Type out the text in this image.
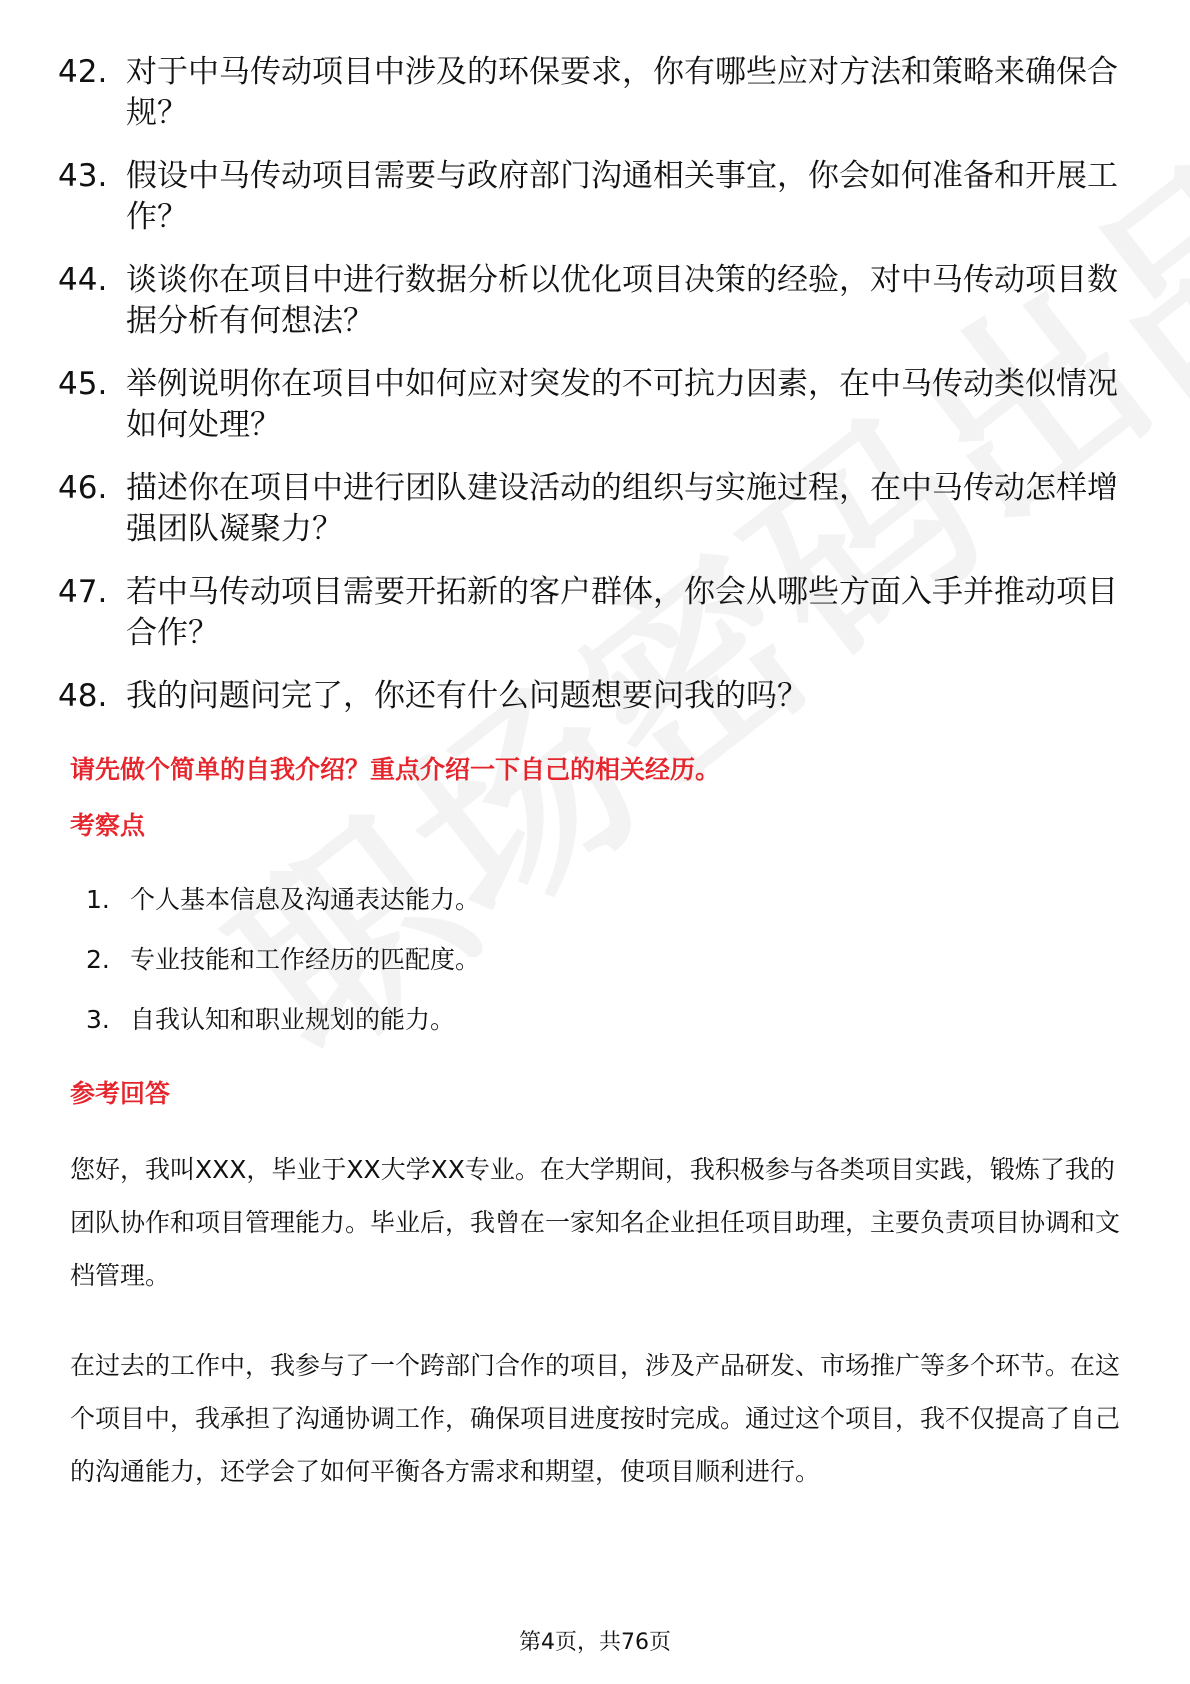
42. 对于中马传动项目中涉及的环保要求，你有哪些应对方法和策略来确保合规？
43. 假设中马传动项目需要与政府部门沟通相关事宜，你会如何准备和开展工作？
44. 谈谈你在项目中进行数据分析以优化项目决策的经验，对中马传动项目数据分析有何想法？
45. 举例说明你在项目中如何应对突发的不可抗力因素，在中马传动类似情况如何处理？
46. 描述你在项目中进行团队建设活动的组织与实施过程，在中马传动怎样增强团队凝聚力？
47. 若中马传动项目需要开拓新的客户群体，你会从哪些方面入手并推动项目合作？
48. 我的问题问完了，你还有什么问题想要问我的吗？
请先做个简单的自我介绍？重点介绍一下自己的相关经历。
考察点
1. 个人基本信息及沟通表达能力。
2. 专业技能和工作经历的匹配度。
3. 自我认知和职业规划的能力。
参考回答

您好，我叫XXX，毕业于XX大学XX专业。在大学期间，我积极参与各类项目实践，锻炼了我的团队协作和项目管理能力。毕业后，我曾在一家知名企业担任项目助理，主要负责项目协调和文档管理。

在过去的工作中，我参与了一个跨部门合作的项目，涉及产品研发、市场推广等多个环节。在这个项目中，我承担了沟通协调工作，确保项目进度按时完成。通过这个项目，我不仅提高了自己的沟通能力，还学会了如何平衡各方需求和期望，使项目顺利进行。

第4页，共76页
